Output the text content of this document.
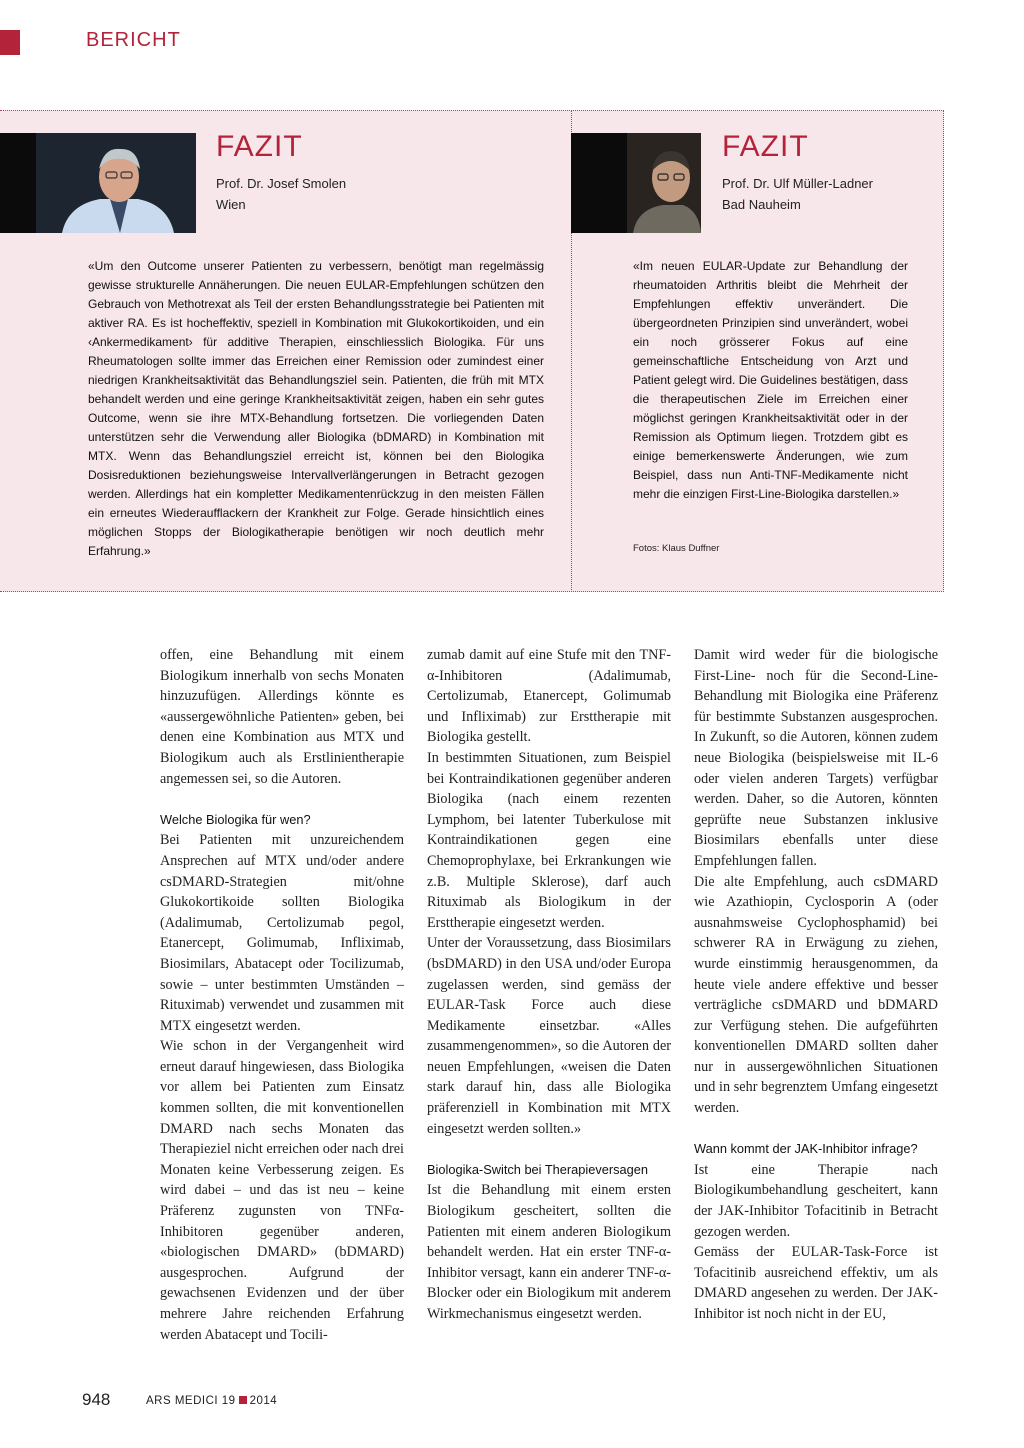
BERICHT
FAZIT
Prof. Dr. Josef Smolen
Wien
«Um den Outcome unserer Patienten zu verbessern, benötigt man regelmässig gewisse strukturelle Annäherungen. Die neuen EULAR-Empfehlungen schützen den Gebrauch von Methotrexat als Teil der ersten Behandlungsstrategie bei Patienten mit aktiver RA. Es ist hocheffektiv, speziell in Kombination mit Glukokortikoiden, und ein ‹Ankermedikament› für additive Therapien, einschliesslich Biologika. Für uns Rheumatologen sollte immer das Erreichen einer Remission oder zumindest einer niedrigen Krankheitsaktivität das Behandlungsziel sein. Patienten, die früh mit MTX behandelt werden und eine geringe Krankheitsaktivität zeigen, haben ein sehr gutes Outcome, wenn sie ihre MTX-Behandlung fortsetzen. Die vorliegenden Daten unterstützen sehr die Verwendung aller Biologika (bDMARD) in Kombination mit MTX. Wenn das Behandlungsziel erreicht ist, können bei den Biologika Dosisreduktionen beziehungsweise Intervallverlängerungen in Betracht gezogen werden. Allerdings hat ein kompletter Medikamentenrückzug in den meisten Fällen ein erneutes Wiederaufflackern der Krankheit zur Folge. Gerade hinsichtlich eines möglichen Stopps der Biologikatherapie benötigen wir noch deutlich mehr Erfahrung.»
FAZIT
Prof. Dr. Ulf Müller-Ladner
Bad Nauheim
«Im neuen EULAR-Update zur Behandlung der rheumatoiden Arthritis bleibt die Mehrheit der Empfehlungen effektiv unverändert. Die übergeordneten Prinzipien sind unverändert, wobei ein noch grösserer Fokus auf eine gemeinschaftliche Entscheidung von Arzt und Patient gelegt wird. Die Guidelines bestätigen, dass die therapeutischen Ziele im Erreichen einer möglichst geringen Krankheitsaktivität oder in der Remission als Optimum liegen. Trotzdem gibt es einige bemerkenswerte Änderungen, wie zum Beispiel, dass nun Anti-TNF-Medikamente nicht mehr die einzigen First-Line-Biologika darstellen.»
Fotos: Klaus Duffner

offen, eine Behandlung mit einem Biologikum innerhalb von sechs Monaten hinzuzufügen. Allerdings könnte es «aussergewöhnliche Patienten» geben, bei denen eine Kombination aus MTX und Biologikum auch als Erstlinientherapie angemessen sei, so die Autoren.

Welche Biologika für wen?

Bei Patienten mit unzureichendem Ansprechen auf MTX und/oder andere csDMARD-Strategien mit/ohne Glukokortikoide sollten Biologika (Adalimumab, Certolizumab pegol, Etanercept, Golimumab, Infliximab, Biosimilars, Abatacept oder Tocilizumab, sowie – unter bestimmten Umständen – Rituximab) verwendet und zusammen mit MTX eingesetzt werden.

Wie schon in der Vergangenheit wird erneut darauf hingewiesen, dass Biologika vor allem bei Patienten zum Einsatz kommen sollten, die mit konventionellen DMARD nach sechs Monaten das Therapieziel nicht erreichen oder nach drei Monaten keine Verbesserung zeigen. Es wird dabei – und das ist neu – keine Präferenz zugunsten von TNFα-Inhibitoren gegenüber anderen, «biologischen DMARD» (bDMARD) ausgesprochen. Aufgrund der gewachsenen Evidenzen und der über mehrere Jahre reichenden Erfahrung werden Abatacept und Tocili-

zumab damit auf eine Stufe mit den TNF-α-Inhibitoren (Adalimumab, Certolizumab, Etanercept, Golimumab und Infliximab) zur Ersttherapie mit Biologika gestellt.

In bestimmten Situationen, zum Beispiel bei Kontraindikationen gegenüber anderen Biologika (nach einem rezenten Lymphom, bei latenter Tuberkulose mit Kontraindikationen gegen eine Chemoprophylaxe, bei Erkrankungen wie z.B. Multiple Sklerose), darf auch Rituximab als Biologikum in der Ersttherapie eingesetzt werden.

Unter der Voraussetzung, dass Biosimilars (bsDMARD) in den USA und/oder Europa zugelassen werden, sind gemäss der EULAR-Task Force auch diese Medikamente einsetzbar. «Alles zusammengenommen», so die Autoren der neuen Empfehlungen, «weisen die Daten stark darauf hin, dass alle Biologika präferenziell in Kombination mit MTX eingesetzt werden sollten.»

Biologika-Switch bei Therapieversagen

Ist die Behandlung mit einem ersten Biologikum gescheitert, sollten die Patienten mit einem anderen Biologikum behandelt werden. Hat ein erster TNF-α-Inhibitor versagt, kann ein anderer TNF-α-Blocker oder ein Biologikum mit anderem Wirkmechanismus eingesetzt werden.

Damit wird weder für die biologische First-Line- noch für die Second-Line-Behandlung mit Biologika eine Präferenz für bestimmte Substanzen ausgesprochen. In Zukunft, so die Autoren, können zudem neue Biologika (beispielsweise mit IL-6 oder vielen anderen Targets) verfügbar werden. Daher, so die Autoren, könnten geprüfte neue Substanzen inklusive Biosimilars ebenfalls unter diese Empfehlungen fallen.

Die alte Empfehlung, auch csDMARD wie Azathiopin, Cyclosporin A (oder ausnahmsweise Cyclophosphamid) bei schwerer RA in Erwägung zu ziehen, wurde einstimmig herausgenommen, da heute viele andere effektive und besser verträgliche csDMARD und bDMARD zur Verfügung stehen. Die aufgeführten konventionellen DMARD sollten daher nur in aussergewöhnlichen Situationen und in sehr begrenztem Umfang eingesetzt werden.

Wann kommt der JAK-Inhibitor infrage?

Ist eine Therapie nach Biologikumbehandlung gescheitert, kann der JAK-Inhibitor Tofacitinib in Betracht gezogen werden.

Gemäss der EULAR-Task-Force ist Tofacitinib ausreichend effektiv, um als DMARD angesehen zu werden. Der JAK-Inhibitor ist noch nicht in der EU,

948	ARS MEDICI 19 2014
